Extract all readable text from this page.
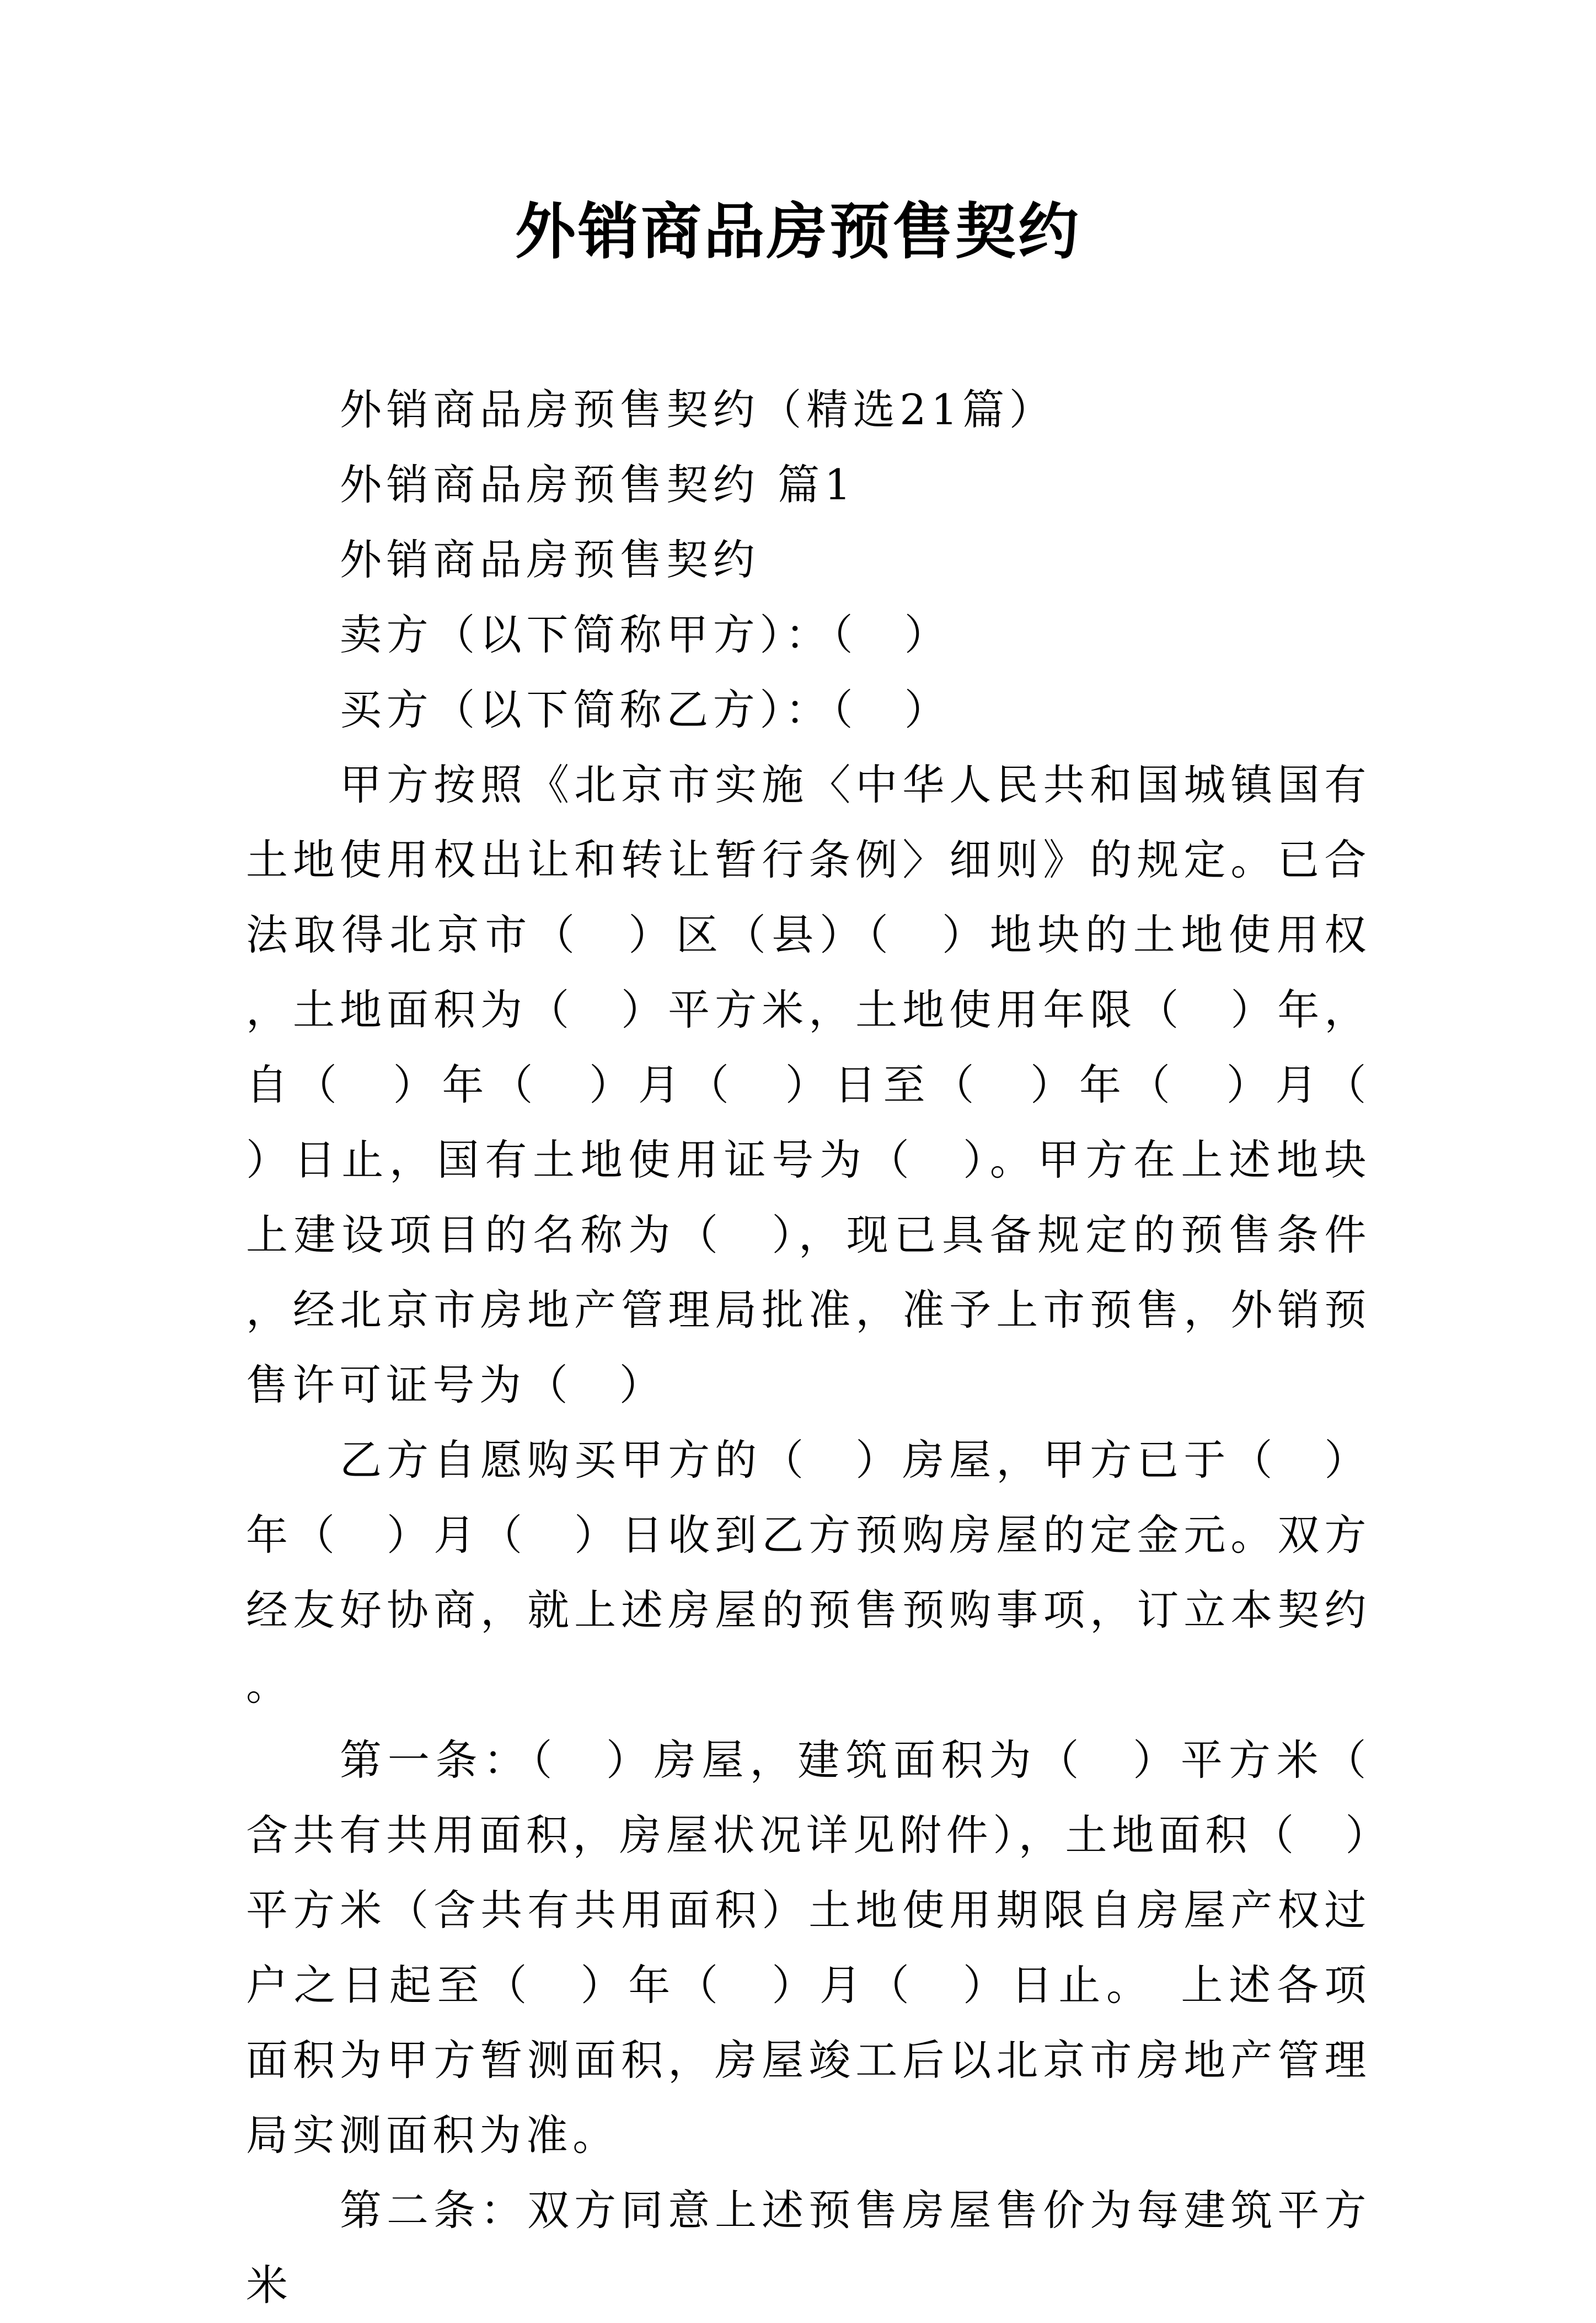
外销商品房预售契约

外销商品房预售契约（精选21篇）

外销商品房预售契约 篇1

外销商品房预售契约

卖方（以下简称甲方）：（　）

买方（以下简称乙方）：（　）

甲方按照《北京市实施〈中华人民共和国城镇国有土地使用权出让和转让暂行条例〉细则》的规定。已合法取得北京市（　）区（县）（　）地块的土地使用权，土地面积为（　）平方米，土地使用年限（　）年，自（　）年（　）月（　）日至（　）年（　）月（　）日止，国有土地使用证号为（　）。甲方在上述地块上建设项目的名称为（　），现已具备规定的预售条件，经北京市房地产管理局批准，准予上市预售，外销预售许可证号为（　）

乙方自愿购买甲方的（　）房屋，甲方已于（　）年（　）月（　）日收到乙方预购房屋的定金元。双方经友好协商，就上述房屋的预售预购事项，订立本契约。

第一条：（　）房屋，建筑面积为（　）平方米（含共有共用面积，房屋状况详见附件），土地面积（　）平方米（含共有共用面积）土地使用期限自房屋产权过户之日起至（　）年（　）月（　）日止。　上述各项面积为甲方暂测面积，房屋竣工后以北京市房地产管理局实测面积为准。

第二条：双方同意上述预售房屋售价为每建筑平方米
